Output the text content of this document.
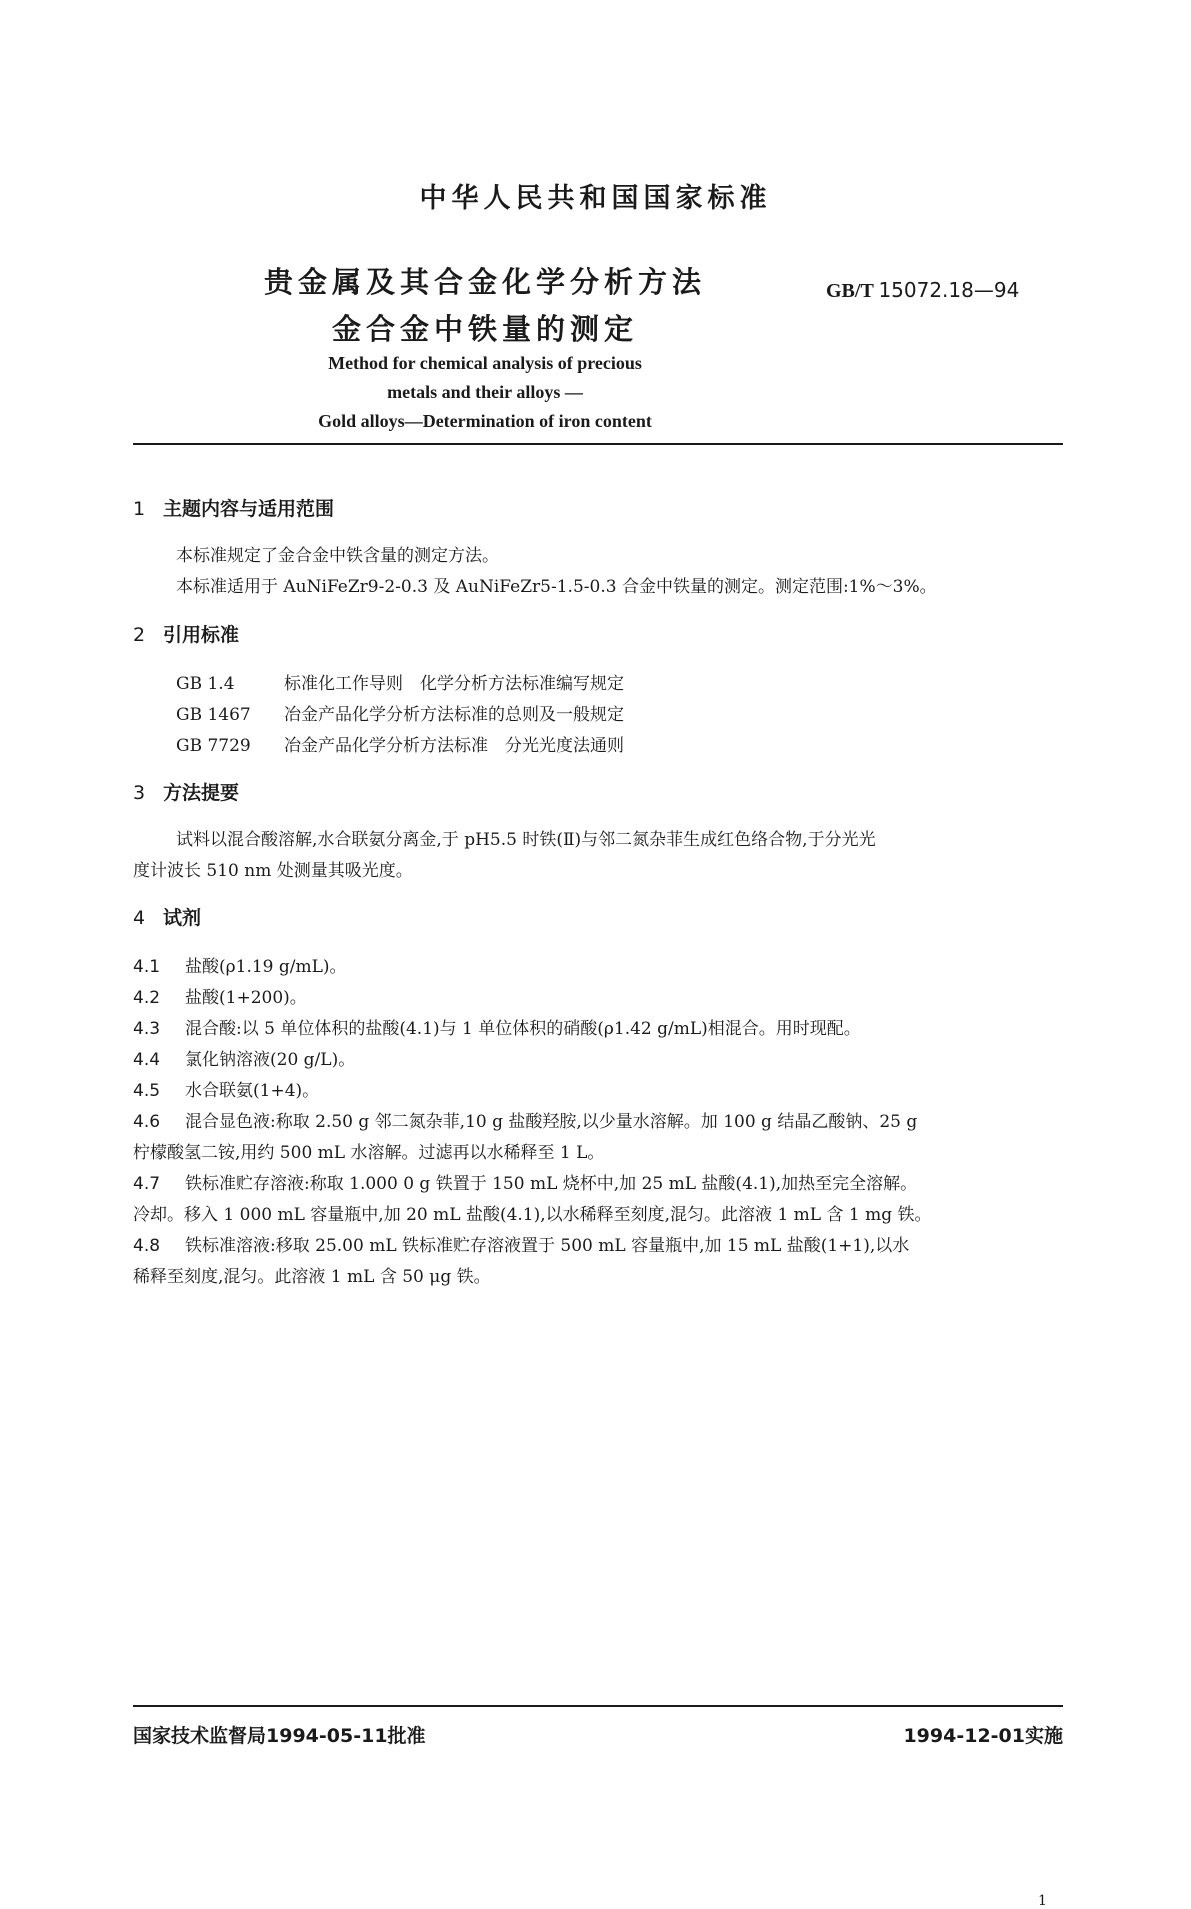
中华人民共和国国家标准
贵金属及其合金化学分析方法
金合金中铁量的测定
GB/T 15072.18—94
Method for chemical analysis of precious
metals and their alloys —
Gold alloys—Determination of iron content
1 主题内容与适用范围
本标准规定了金合金中铁含量的测定方法。
本标准适用于 AuNiFeZr9-2-0.3 及 AuNiFeZr5-1.5-0.3 合金中铁量的测定。测定范围:1%～3%。
2 引用标准
GB 1.4	标准化工作导则　化学分析方法标准编写规定
GB 1467 冶金产品化学分析方法标准的总则及一般规定
GB 7729 冶金产品化学分析方法标准　分光光度法通则
3 方法提要
试料以混合酸溶解,水合联氨分离金,于 pH5.5 时铁(Ⅱ)与邻二氮杂菲生成红色络合物,于分光光
度计波长 510 nm 处测量其吸光度。
4 试剂
4.1 盐酸(ρ1.19 g/mL)。
4.2 盐酸(1+200)。
4.3 混合酸:以 5 单位体积的盐酸(4.1)与 1 单位体积的硝酸(ρ1.42 g/mL)相混合。用时现配。
4.4 氯化钠溶液(20 g/L)。
4.5 水合联氨(1+4)。
4.6 混合显色液:称取 2.50 g 邻二氮杂菲,10 g 盐酸羟胺,以少量水溶解。加 100 g 结晶乙酸钠、25 g
柠檬酸氢二铵,用约 500 mL 水溶解。过滤再以水稀释至 1 L。
4.7 铁标准贮存溶液:称取 1.000 0 g 铁置于 150 mL 烧杯中,加 25 mL 盐酸(4.1),加热至完全溶解。
冷却。移入 1 000 mL 容量瓶中,加 20 mL 盐酸(4.1),以水稀释至刻度,混匀。此溶液 1 mL 含 1 mg 铁。
4.8 铁标准溶液:移取 25.00 mL 铁标准贮存溶液置于 500 mL 容量瓶中,加 15 mL 盐酸(1+1),以水
稀释至刻度,混匀。此溶液 1 mL 含 50 μg 铁。
国家技术监督局1994-05-11批准	1994-12-01实施
1
